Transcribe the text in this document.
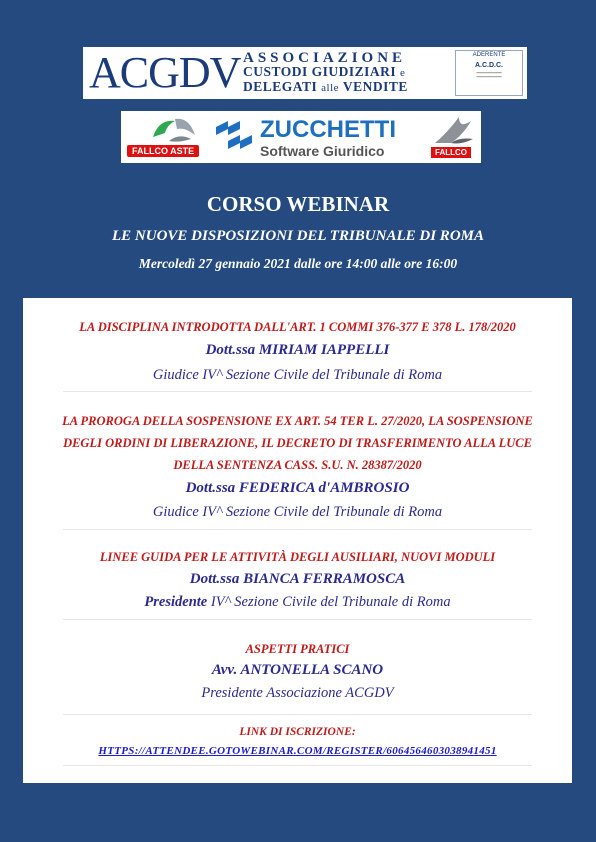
ACGDV ASSOCIAZIONE
CUSTODI GIUDIZIARI e
DELEGATI alle VENDITE
ADERENTE
A.C.D.C.
━━━━━━━━━━━━
━━━━━━━━━━━━
FALLCO ASTE
ZUCCHETTI
Software Giuridico	FALLCO
CORSO WEBINAR
LE NUOVE DISPOSIZIONI DEL TRIBUNALE DI ROMA
Mercoledì 27 gennaio 2021 dalle ore 14:00 alle ore 16:00
LA DISCIPLINA INTRODOTTA DALL'ART. 1 COMMI 376-377 E 378 L. 178/2020
Dott.ssa MIRIAM IAPPELLI
Giudice IV^ Sezione Civile del Tribunale di Roma
LA PROROGA DELLA SOSPENSIONE EX ART. 54 TER L. 27/2020, LA SOSPENSIONE
DEGLI ORDINI DI LIBERAZIONE, IL DECRETO DI TRASFERIMENTO ALLA LUCE
DELLA SENTENZA CASS. S.U. N. 28387/2020
Dott.ssa FEDERICA d'AMBROSIO
Giudice IV^ Sezione Civile del Tribunale di Roma
LINEE GUIDA PER LE ATTIVITÀ DEGLI AUSILIARI, NUOVI MODULI
Dott.ssa BIANCA FERRAMOSCA
Presidente IV^ Sezione Civile del Tribunale di Roma
ASPETTI PRATICI
Avv. ANTONELLA SCANO
Presidente Associazione ACGDV
LINK DI ISCRIZIONE:
HTTPS://ATTENDEE.GOTOWEBINAR.COM/REGISTER/6064564603038941451
